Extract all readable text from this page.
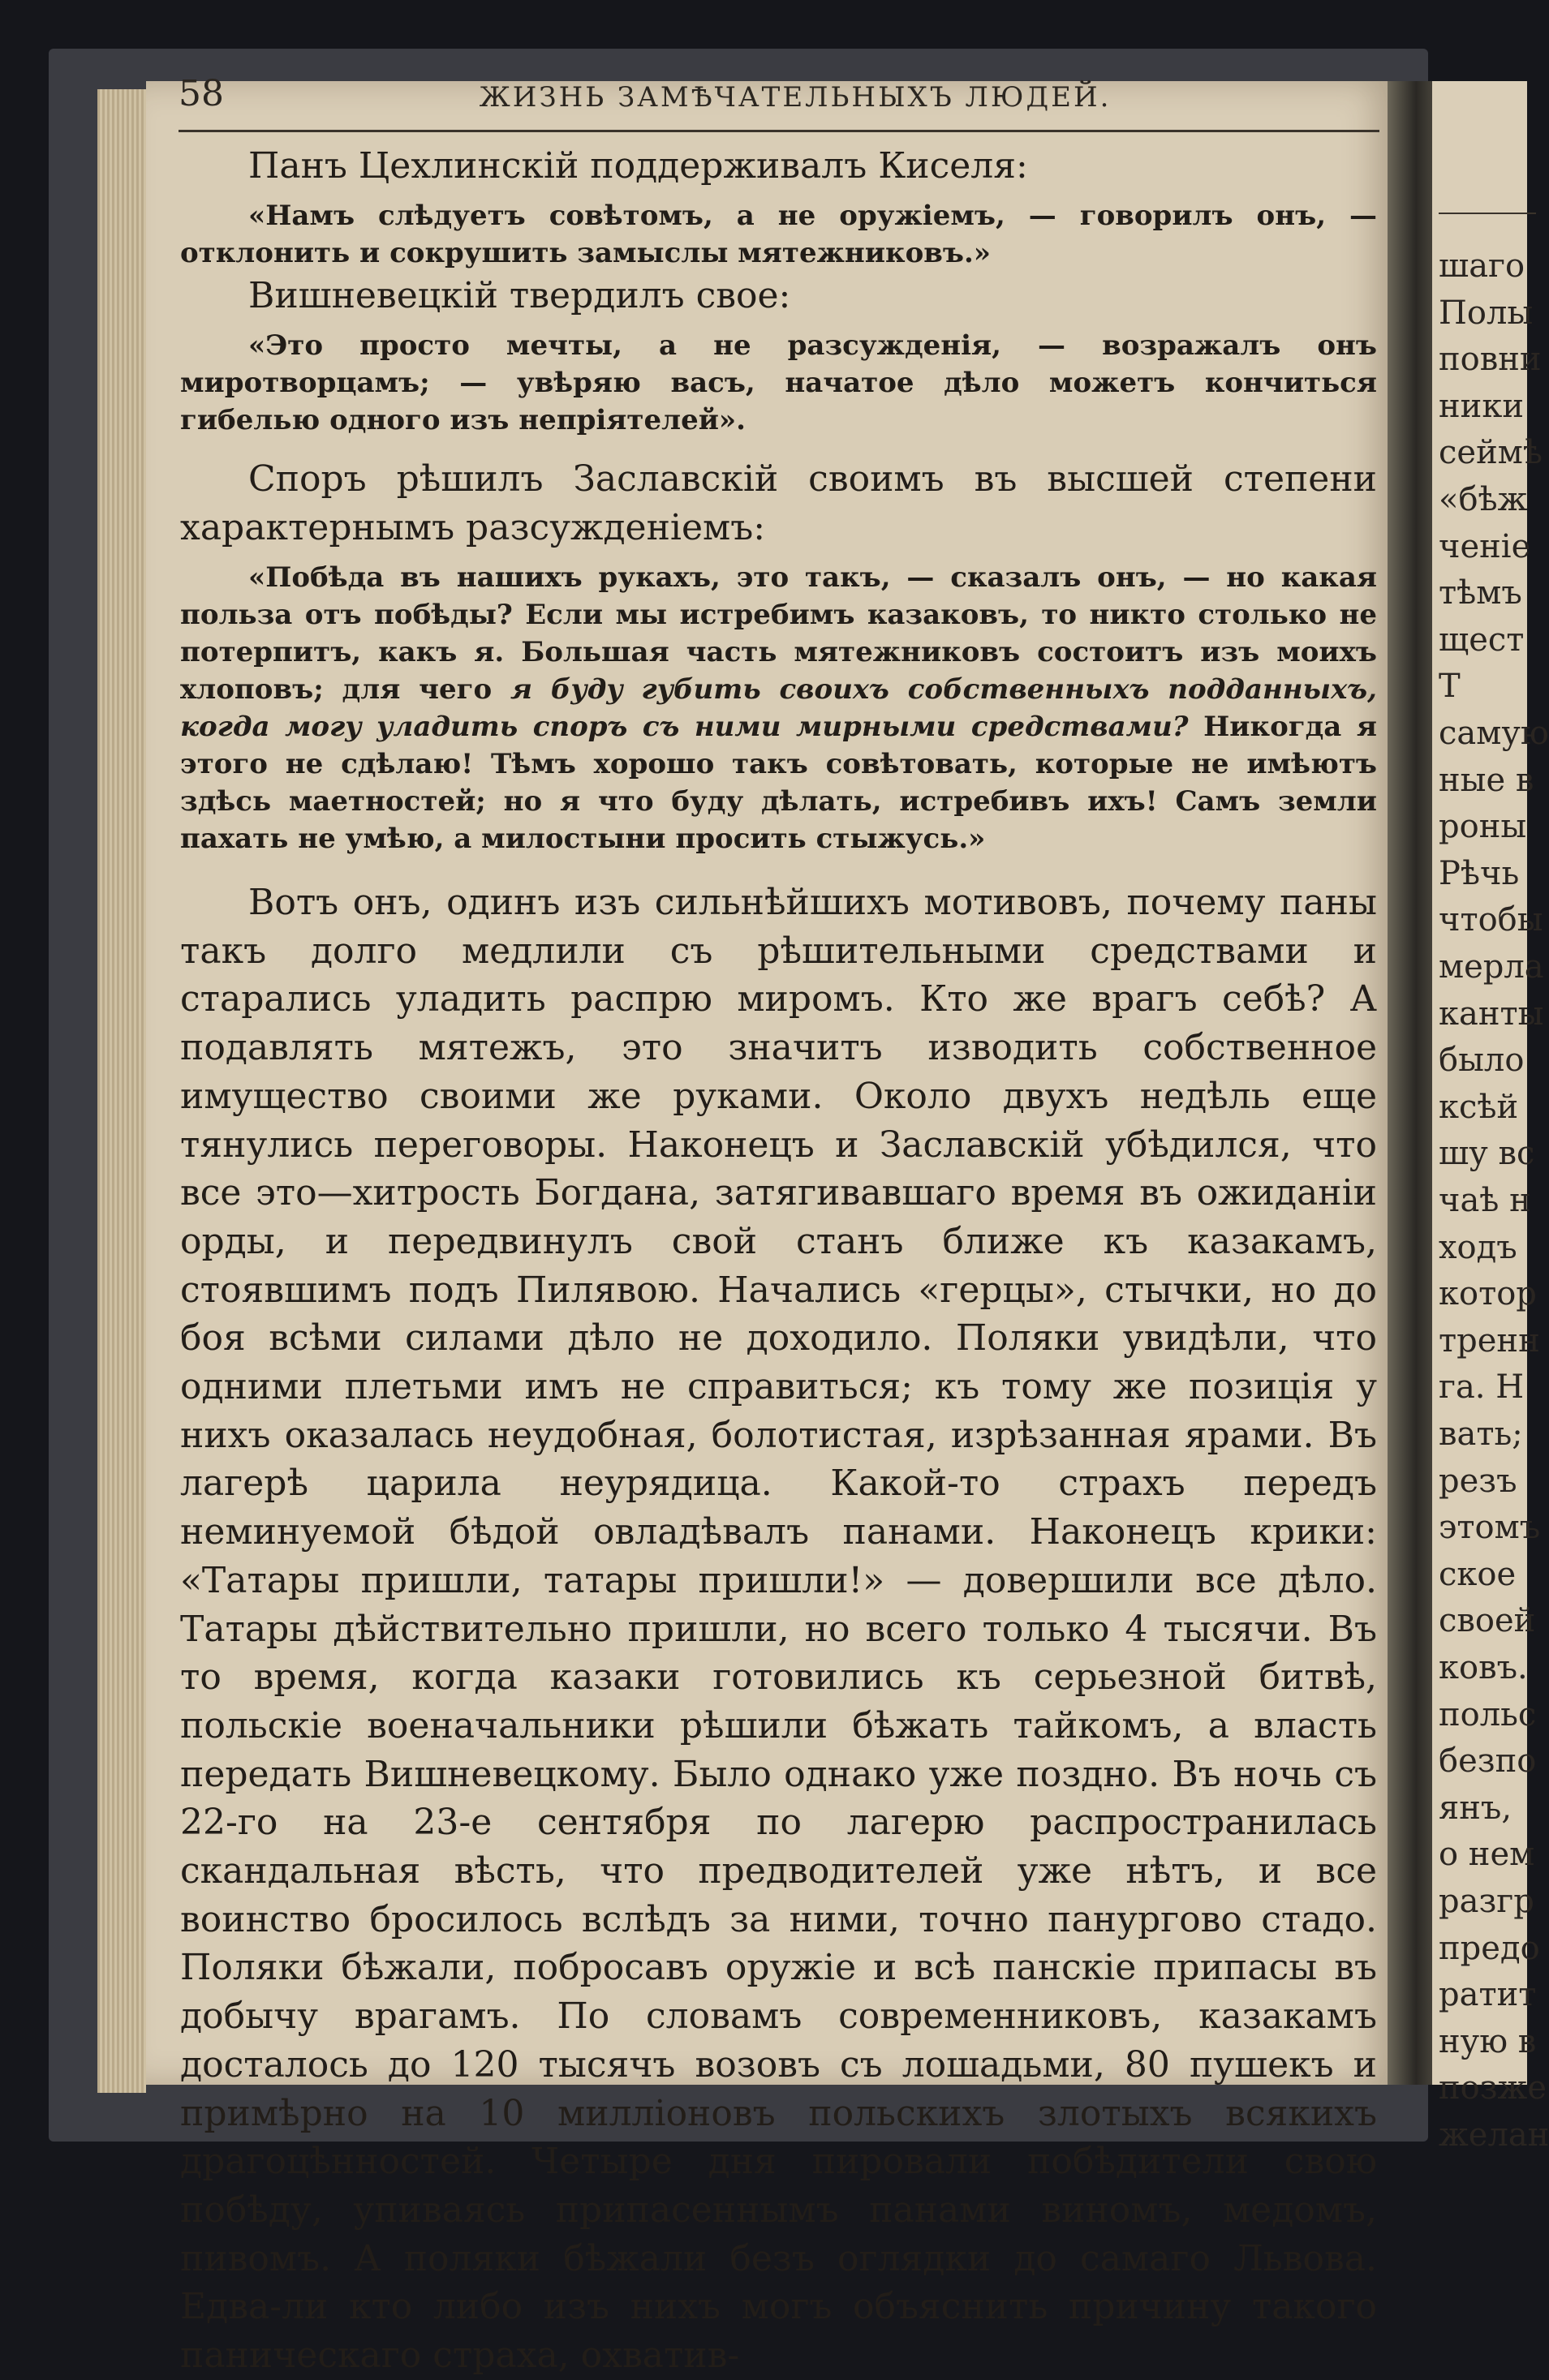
шаго
Полы
повни
ники
сеймѣ
«бѣж
ченіе
тѣмъ
щест
Т
самую
ные в
роны
Рѣчь
чтобы
мерла
канты
было
ксѣй
шу вс
чаѣ н
ходъ
котор
тренн
га. Н
вать;
резъ
этомъ
ское
своей
ковъ.
польс
безпо
янъ,
о нем
разгр
предо
ратит
ную в
позже
желан
58	ЖИЗНЬ ЗАМѢЧАТЕЛЬНЫХЪ ЛЮДЕЙ.

Панъ Цехлинскій поддерживалъ Киселя:

«Намъ слѣдуетъ совѣтомъ, а не оружіемъ, — говорилъ онъ, — отклонить и сокрушить замыслы мятежниковъ.»

Вишневецкій твердилъ свое:

«Это просто мечты, а не разсужденія, — возражалъ онъ миротворцамъ; — увѣряю васъ, начатое дѣло можетъ кончиться гибелью одного изъ непріятелей».

Споръ рѣшилъ Заславскій своимъ въ высшей степени характернымъ разсужденіемъ:

«Побѣда въ нашихъ рукахъ, это такъ, — сказалъ онъ, — но какая польза отъ побѣды? Если мы истребимъ казаковъ, то никто столько не потерпитъ, какъ я. Большая часть мятежниковъ состоитъ изъ моихъ хлоповъ; для чего я буду губить своихъ собственныхъ подданныхъ, когда могу уладить споръ съ ними мирными средствами? Никогда я этого не сдѣлаю! Тѣмъ хорошо такъ совѣтовать, которые не имѣютъ здѣсь маетностей; но я что буду дѣлать, истребивъ ихъ! Самъ земли пахать не умѣю, а милостыни просить стыжусь.»

Вотъ онъ, одинъ изъ сильнѣйшихъ мотивовъ, почему паны такъ долго медлили съ рѣшительными средствами и старались уладить распрю миромъ. Кто же врагъ себѣ? А подавлять мятежъ, это значитъ изводить собственное имущество своими же руками. Около двухъ недѣль еще тянулись переговоры. Наконецъ и Заславскій убѣдился, что все это—хитрость Богдана, затягивавшаго время въ ожиданіи орды, и передвинулъ свой станъ ближе къ казакамъ, стоявшимъ подъ Пилявою. Начались «герцы», стычки, но до боя всѣми силами дѣло не доходило. Поляки увидѣли, что одними плетьми имъ не справиться; къ тому же позиція у нихъ оказалась неудобная, болотистая, изрѣзанная ярами. Въ лагерѣ царила неурядица. Какой-то страхъ передъ неминуемой бѣдой овладѣвалъ панами. Наконецъ крики: «Татары пришли, татары пришли!» — довершили все дѣло. Татары дѣйствительно пришли, но всего только 4 тысячи. Въ то время, когда казаки готовились къ серьезной битвѣ, польскіе военачальники рѣшили бѣжать тайкомъ, а власть передать Вишневецкому. Было однако уже поздно. Въ ночь съ 22-го на 23-е сентября по лагерю распространилась скандальная вѣсть, что предводителей уже нѣтъ, и все воинство бросилось вслѣдъ за ними, точно панургово стадо. Поляки бѣжали, побросавъ оружіе и всѣ панскіе припасы въ добычу врагамъ. По словамъ современниковъ, казакамъ досталось до 120 тысячъ возовъ съ лошадьми, 80 пушекъ и примѣрно на 10 милліоновъ польскихъ злотыхъ всякихъ драгоцѣнностей. Четыре дня пировали побѣдители свою побѣду, упиваясь припасеннымъ панами виномъ, медомъ, пивомъ. А поляки бѣжали безъ оглядки до самаго Львова. Едва-ли кто либо изъ нихъ могъ объяснить причину такого паническаго страха, охватив-
